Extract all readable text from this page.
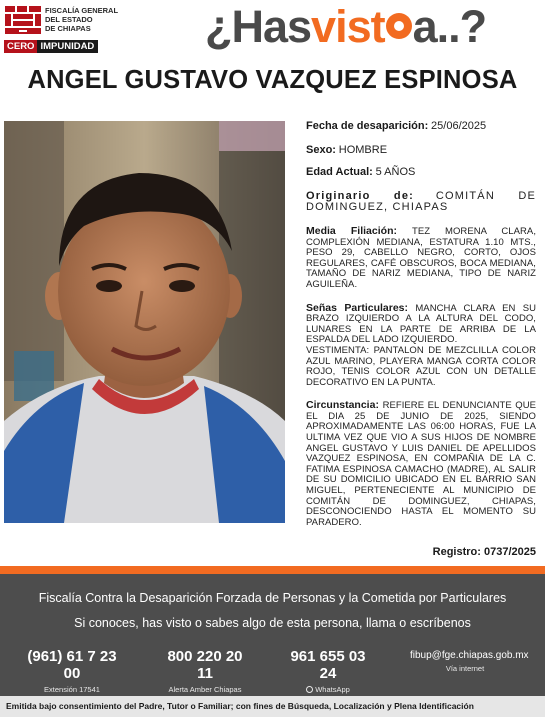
FISCALÍA GENERAL
DEL ESTADO
DE CHIAPAS
CERO IMPUNIDAD ¿Hasvist a..?
ANGEL GUSTAVO VAZQUEZ ESPINOSA
Fecha de desaparición: 25/06/2025
Sexo: HOMBRE
Edad Actual: 5 AÑOS
Originario de: COMITÁN DE DOMINGUEZ, CHIAPAS
Media Filiación: TEZ MORENA CLARA, COMPLEXIÓN MEDIANA, ESTATURA 1.10 MTS., PESO 29, CABELLO NEGRO, CORTO, OJOS REGULARES, CAFÉ OBSCUROS, BOCA MEDIANA, TAMAÑO DE NARIZ MEDIANA, TIPO DE NARIZ AGUILEÑA.

Señas Particulares: MANCHA CLARA EN SU BRAZO IZQUIERDO A LA ALTURA DEL CODO, LUNARES EN LA PARTE DE ARRIBA DE LA ESPALDA DEL LADO IZQUIERDO.

VESTIMENTA: PANTALON DE MEZCLILLA COLOR AZUL MARINO, PLAYERA MANGA CORTA COLOR ROJO, TENIS COLOR AZUL CON UN DETALLE DECORATIVO EN LA PUNTA.

Circunstancia: REFIERE EL DENUNCIANTE QUE EL DIA 25 DE JUNIO DE 2025, SIENDO APROXIMADAMENTE LAS 06:00 HORAS, FUE LA ULTIMA VEZ QUE VIO A SUS HIJOS DE NOMBRE ANGEL GUSTAVO Y LUIS DANIEL DE APELLIDOS VAZQUEZ ESPINOSA, EN COMPAÑIA DE LA C. FATIMA ESPINOSA CAMACHO (MADRE), AL SALIR DE SU DOMICILIO UBICADO EN EL BARRIO SAN MIGUEL, PERTENECIENTE AL MUNICIPIO DE COMITÁN DE DOMINGUEZ, CHIAPAS, DESCONOCIENDO HASTA EL MOMENTO SU PARADERO.
Registro: 0737/2025
Fiscalía Contra la Desaparición Forzada de Personas y la Cometida por Particulares
Si conoces, has visto o sabes algo de esta persona, llama o escríbenos
(961) 61 7 23 00
Extensión 17541
800 220 20 11
Alerta Amber Chiapas
961 655 03 24
WhatsApp
fibup@fge.chiapas.gob.mx
Vía internet
Emitida bajo consentimiento del Padre, Tutor o Familiar; con fines de Búsqueda, Localización y Plena Identificación
